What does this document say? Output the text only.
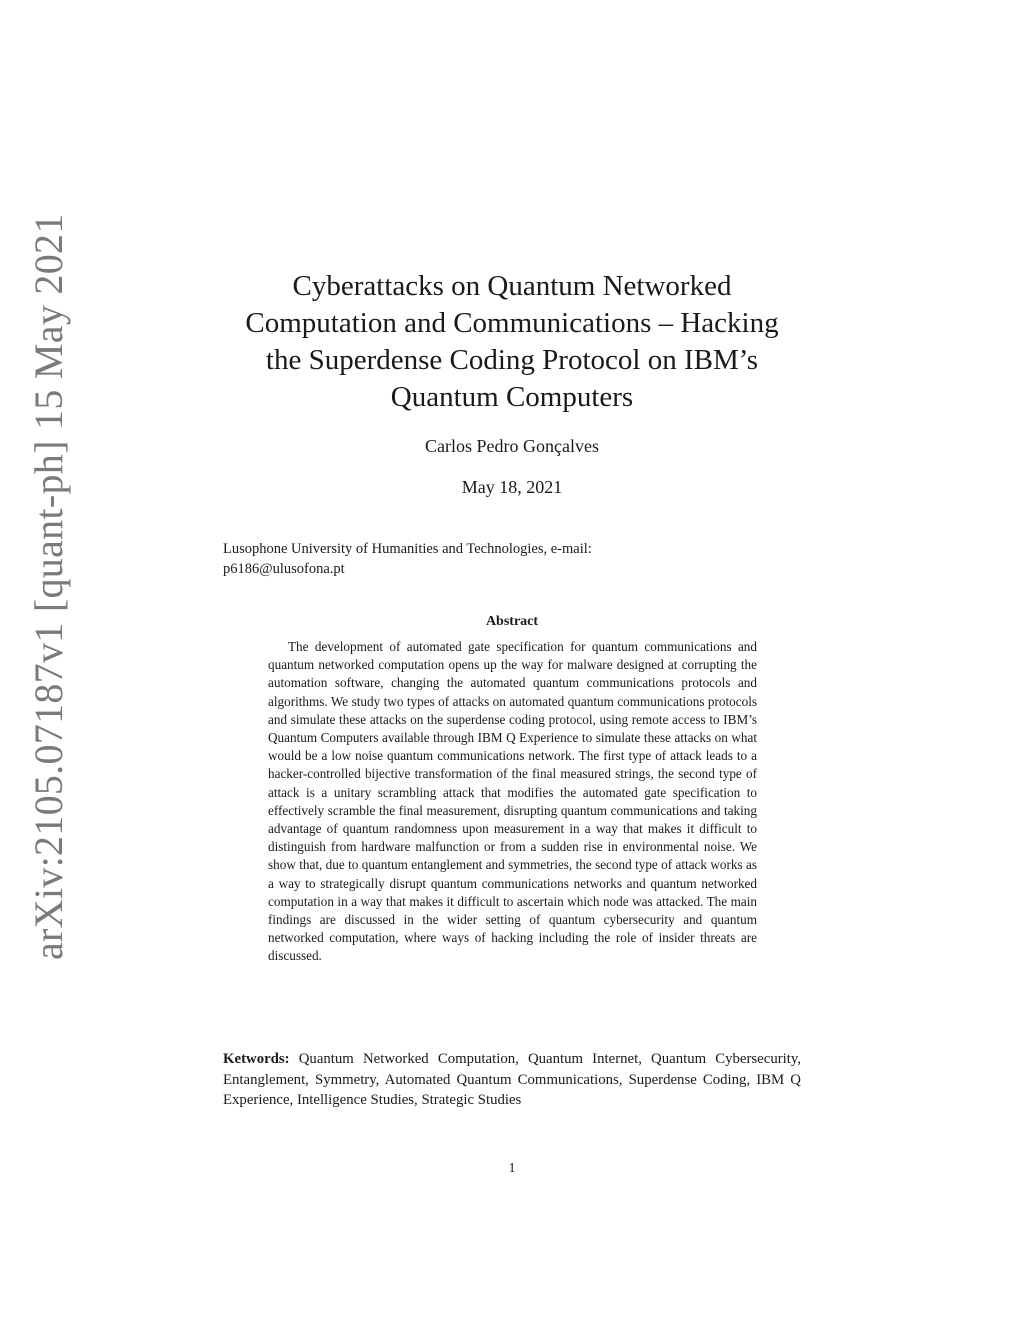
arXiv:2105.07187v1 [quant-ph] 15 May 2021	Cyberattacks on Quantum Networked
Computation and Communications – Hacking
the Superdense Coding Protocol on IBM’s
Quantum Computers
Carlos Pedro Gonçalves
May 18, 2021
Lusophone University of Humanities and Technologies, e-mail:
p6186@ulusofona.pt
Abstract

The development of automated gate specification for quantum communications and quantum networked computation opens up the way for malware designed at corrupting the automation software, changing the automated quantum communications protocols and algorithms. We study two types of attacks on automated quantum communications protocols and simulate these attacks on the superdense coding protocol, using remote access to IBM’s Quantum Computers available through IBM Q Experience to simulate these attacks on what would be a low noise quantum communications network. The first type of attack leads to a hacker-controlled bijective transformation of the final measured strings, the second type of attack is a unitary scrambling attack that modifies the automated gate specification to effectively scramble the final measurement, disrupting quantum communications and taking advantage of quantum randomness upon measurement in a way that makes it difficult to distinguish from hardware malfunction or from a sudden rise in environmental noise. We show that, due to quantum entanglement and symmetries, the second type of attack works as a way to strategically disrupt quantum communications networks and quantum networked computation in a way that makes it difficult to ascertain which node was attacked. The main findings are discussed in the wider setting of quantum cybersecurity and quantum networked computation, where ways of hacking including the role of insider threats are discussed.

Ketwords: Quantum Networked Computation, Quantum Internet, Quantum Cybersecurity, Entanglement, Symmetry, Automated Quantum Communications, Superdense Coding, IBM Q Experience, Intelligence Studies, Strategic Studies

1
